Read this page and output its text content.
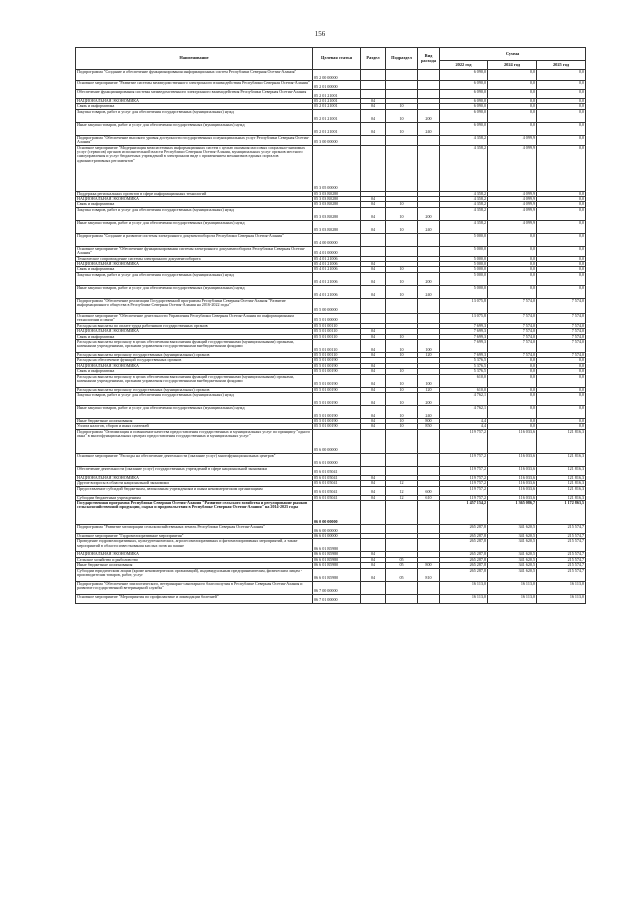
156
Наименование	Целевая статья	Раздел	Подраздел	Вид расхода	Сумма		
					2022 год	2024 год	2025 год
Подпрограмма "Создание и обеспечение функционирования информационных систем Республики Северная Осетия-Алания"	05 2 00 00000				6 090,0	0,0	0,0
Основное мероприятие "Развитие системы межведомственного электронного взаимодействия Республики Северная Осетия-Алания"	05 2 01 00000				6 090,0	0,0	0,0
Обеспечение функционирования системы межведомственного электронного взаимодействия Республики Северная Осетия-Алания	05 2 01 21001				6 090,0	0,0	0,0
НАЦИОНАЛЬНАЯ ЭКОНОМИКА	05 2 01 21001	04			6 090,0	0,0	0,0
Связь и информатика	05 2 01 21001	04	10		6 090,0	0,0	0,0
Закупка товаров, работ и услуг для обеспечения государственных (муниципальных) нужд	05 2 01 21001	04	10	200	6 090,0	0,0	0,0
Иные закупки товаров, работ и услуг для обеспечения государственных (муниципальных) нужд	05 2 01 21001	04	10	240	6 090,0	0,0	0,0
Подпрограмма "Обеспечение высокого уровня доступности государственных и муниципальных услуг Республики Северная Осетия-Алания"	05 3 00 00000				4 358,2	4 099,9	0,0
Основное мероприятие "Модернизация межсистемных информационных систем с целью оказания массовых социально-значимых услуг (сервисов) органов исполнительной власти Республики Северная Осетия-Алания, муниципальных услуг органов местного самоуправления и услуг бюджетных учреждений в электронном виде с применением механизмов единых порталов административных регламентов"	05 3 05 00000				4 358,2	4 099,9	0,0
Поддержка региональных проектов в сфере информационных технологий	05 3 03 R0280				4 358,2	4 099,9	0,0
НАЦИОНАЛЬНАЯ ЭКОНОМИКА	05 3 03 R0280	04			4 358,2	4 099,9	0,0
Связь и информатика	05 3 03 R0280	04	10		4 358,2	4 099,9	0,0
Закупка товаров, работ и услуг для обеспечения государственных (муниципальных) нужд	05 3 03 R0280	04	10	200	4 358,2	4 099,9	0,0
Иные закупки товаров, работ и услуг для обеспечения государственных (муниципальных) нужд	05 3 03 R0280	04	10	240	4 358,2	4 099,9	0,0
Подпрограмма "Создание и развитие системы электронного документооборота Республики Северная Осетия-Алания"	05 4 00 00000				5 000,0	0,0	0,0
Основное мероприятие "Обеспечение функционирования системы электронного документооборота Республики Северная Осетия-Алания"	05 4 01 00000				5 000,0	0,0	0,0
Техническое сопровождение системы электронного документооборота	05 4 01 21006				5 000,0	0,0	0,0
НАЦИОНАЛЬНАЯ ЭКОНОМИКА	05 4 01 21006	04			5 000,0	0,0	0,0
Связь и информатика	05 4 01 21006	04	10		5 000,0	0,0	0,0
Закупка товаров, работ и услуг для обеспечения государственных (муниципальных) нужд	05 4 01 21006	04	10	200	5 000,0	0,0	0,0
Иные закупки товаров, работ и услуг для обеспечения государственных (муниципальных) нужд	05 4 01 21006	04	10	240	5 000,0	0,0	0,0
Подпрограмма "Обеспечение реализации Государственной программы Республики Северная Осетия-Алания "Развитие информационного общества в Республике Северная Осетия-Алания на 2016-2022 годы"	05 5 00 00000				13 075,8	7 574,0	7 574,0
Основное мероприятие "Обеспечение деятельности Управления Республики Северная Осетия-Алания по информационным технологиям и связи"	05 5 01 00000				13 075,8	7 574,0	7 574,0
Расходы на выплаты по оплате труда работников государственных органов	05 5 01 00110				7 699,3	7 574,0	7 574,0
НАЦИОНАЛЬНАЯ ЭКОНОМИКА	05 5 01 00110	04			7 699,3	7 574,0	7 574,0
Связь и информатика	05 5 01 00110	04	10		7 699,3	7 574,0	7 574,0
Расходы на выплаты персоналу в целях обеспечения выполнения функций государственными (муниципальными) органами, казенными учреждениями, органами управления государственными внебюджетными фондами	05 5 01 00110	04	10	100	7 699,3	7 574,0	7 574,0
Расходы на выплаты персоналу государственных (муниципальных) органов	05 5 01 00110	04	10	120	7 699,3	7 574,0	7 574,0
Расходы на обеспечение функций государственных органов	05 5 01 00190				5 376,5	0,0	0,0
НАЦИОНАЛЬНАЯ ЭКОНОМИКА	05 5 01 00190	04			5 376,5	0,0	0,0
Связь и информатика	05 5 01 00190	04	10		5 376,5	0,0	0,0
Расходы на выплаты персоналу в целях обеспечения выполнения функций государственными (муниципальными) органами, казенными учреждениями, органами управления государственными внебюджетными фондами	05 5 01 00190	04	10	100	610,0	0,0	0,0
Расходы на выплаты персоналу государственных (муниципальных) органов	05 5 01 00190	04	10	120	610,0	0,0	0,0
Закупка товаров, работ и услуг для обеспечения государственных (муниципальных) нужд	05 5 01 00190	04	10	200	4 762,1	0,0	0,0
Иные закупки товаров, работ и услуг для обеспечения государственных (муниципальных) нужд	05 5 01 00190	04	10	240	4 762,1	0,0	0,0
Иные бюджетные ассигнования	05 5 01 00190	04	10	800	4,4	0,0	0,0
Уплата налогов, сборов и иных платежей	05 5 01 00190	04	10	850	4,4	0,0	0,0
Подпрограмма "Оптимизация и повышение качества предоставления государственных и муниципальных услуг по принципу "одного окна" в многофункциональных центрах предоставления государственных и муниципальных услуг"	05 6 00 00000				119 757,2	116 033,6	121 816,3
Основное мероприятие "Расходы на обеспечение деятельности (оказание услуг) многофункциональных центров"	05 6 01 00000				119 757,2	116 033,6	121 816,3
Обеспечение деятельности (оказание услуг) государственных учреждений в сфере национальной экономики	05 6 01 05041				119 757,2	116 033,6	121 816,3
НАЦИОНАЛЬНАЯ ЭКОНОМИКА	05 6 01 05041	04			119 757,2	116 033,6	121 816,3
Другие вопросы в области национальной экономики	05 6 01 05041	04	12		119 757,2	116 033,6	121 816,3
Предоставление субсидий бюджетным, автономным учреждениям и иным некоммерческим организациям	05 6 01 05041	04	12	600	119 757,2	116 033,6	121 816,3
Субсидии бюджетным учреждениям	05 6 01 05041	04	12	610	119 757,2	116 033,6	121 816,3
Государственная программа Республики Северная Осетия-Алания "Развитие сельского хозяйства и регулирование рынков сельскохозяйственной продукции, сырья и продовольствия в Республике Северная Осетия-Алания" на 2014-2025 годы	06 0 00 00000				1 457 154,2	1 365 086,7	1 172 863,5
Подпрограмма "Развитие мелиорации сельскохозяйственных земель Республики Северная Осетия-Алания"	06 6 00 00000				265 287,8	341 620,5	215 574,7
Основное мероприятие "Гидромелиоративные мероприятия"	06 6 01 00000				265 287,8	341 620,5	215 574,7
Проведение гидромелиоративных, культуртехнических, агролесомелиоративных и фитомелиоративных мероприятий, а также мероприятий в области известкования кислых почв на пашне	06 6 01 R5980				265 287,8	341 620,5	215 574,7
НАЦИОНАЛЬНАЯ ЭКОНОМИКА	06 6 01 R5980	04			265 287,8	341 620,5	215 574,7
Сельское хозяйство и рыболовство	06 6 01 R5980	04	05		265 287,8	341 620,5	215 574,7
Иные бюджетные ассигнования	06 6 01 R5980	04	05	800	265 287,8	341 620,5	215 574,7
Субсидии юридическим лицам (кроме некоммерческих организаций), индивидуальным предпринимателям, физическим лицам - производителям товаров, работ, услуг	06 6 01 R5980	04	05	810	265 287,8	341 620,5	215 574,7
Подпрограмма "Обеспечение эпизоотического, ветеринарно-санитарного благополучия в Республике Северная Осетия-Алания и развитие государственной ветеринарной службы"	06 7 00 00000				16 113,0	16 113,0	16 113,0
Основное мероприятие "Мероприятия по профилактике и ликвидации болезней"	06 7 01 00000				16 113,0	16 113,0	16 113,0
